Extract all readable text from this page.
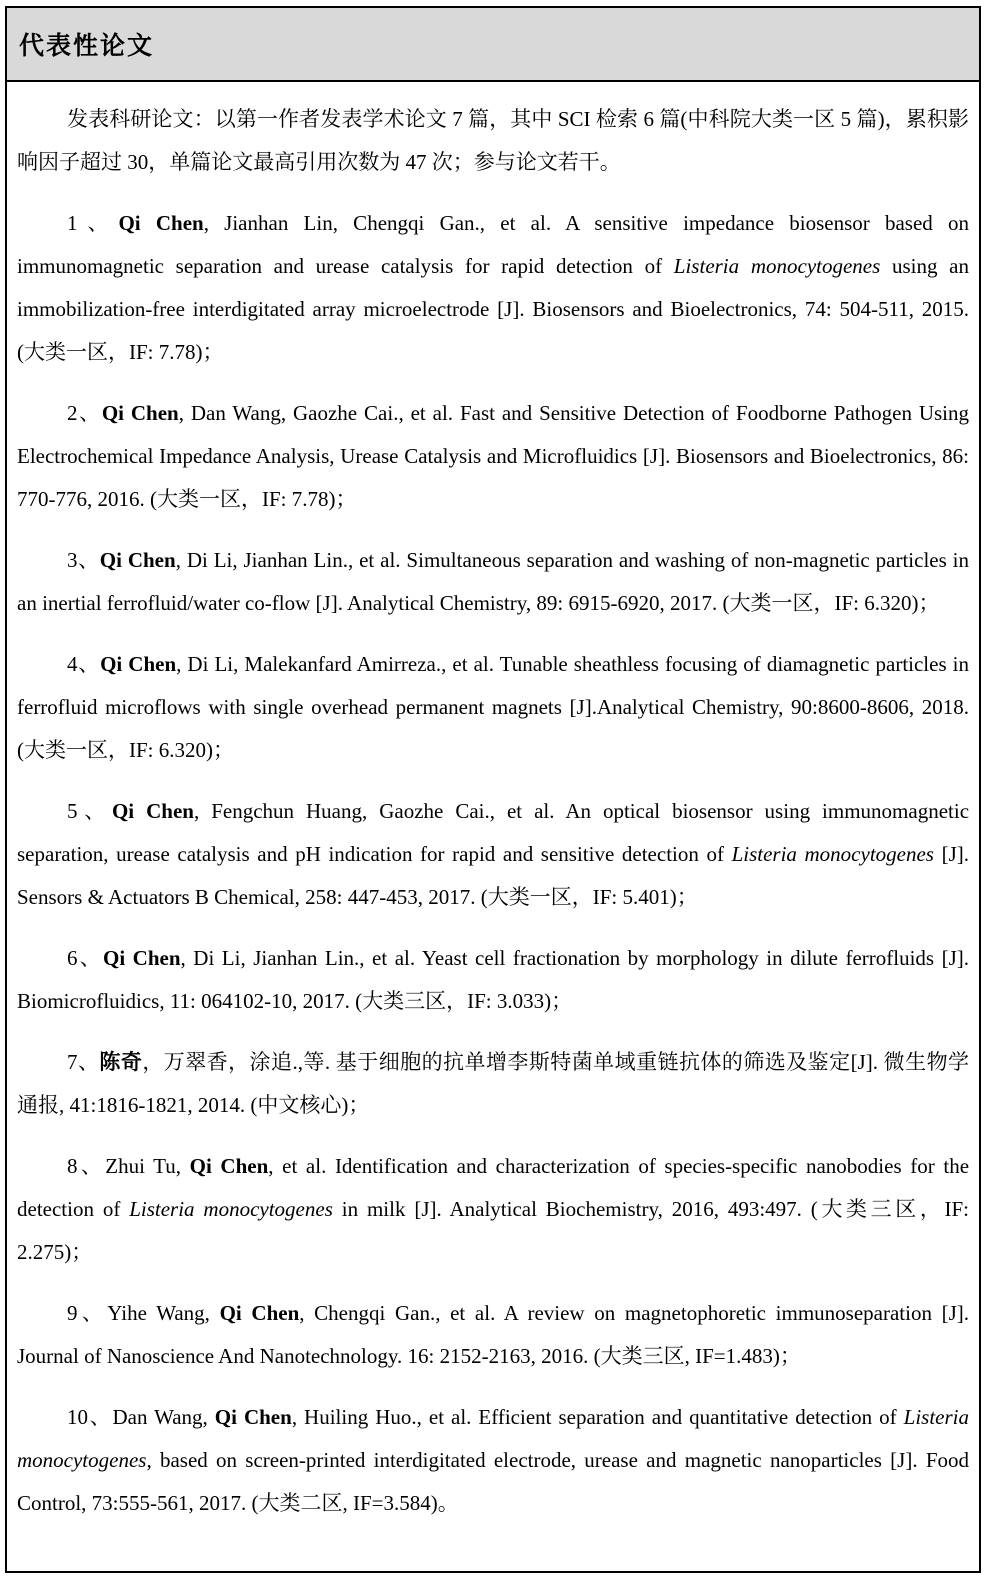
代表性论文

发表科研论文：以第一作者发表学术论文 7 篇，其中 SCI 检索 6 篇(中科院大类一区 5 篇)，累积影响因子超过 30，单篇论文最高引用次数为 47 次；参与论文若干。

1、Qi Chen, Jianhan Lin, Chengqi Gan., et al. A sensitive impedance biosensor based on immunomagnetic separation and urease catalysis for rapid detection of Listeria monocytogenes using an immobilization-free interdigitated array microelectrode [J]. Biosensors and Bioelectronics, 74: 504-511, 2015. (大类一区，IF: 7.78)；

2、Qi Chen, Dan Wang, Gaozhe Cai., et al. Fast and Sensitive Detection of Foodborne Pathogen Using Electrochemical Impedance Analysis, Urease Catalysis and Microfluidics [J]. Biosensors and Bioelectronics, 86: 770-776, 2016. (大类一区，IF: 7.78)；

3、Qi Chen, Di Li, Jianhan Lin., et al. Simultaneous separation and washing of non-magnetic particles in an inertial ferrofluid/water co-flow [J]. Analytical Chemistry, 89: 6915-6920, 2017. (大类一区，IF: 6.320)；

4、Qi Chen, Di Li, Malekanfard Amirreza., et al. Tunable sheathless focusing of diamagnetic particles in ferrofluid microflows with single overhead permanent magnets [J].Analytical Chemistry, 90:8600-8606, 2018. (大类一区，IF: 6.320)；

5、Qi Chen, Fengchun Huang, Gaozhe Cai., et al. An optical biosensor using immunomagnetic separation, urease catalysis and pH indication for rapid and sensitive detection of Listeria monocytogenes [J]. Sensors & Actuators B Chemical, 258: 447-453, 2017. (大类一区，IF: 5.401)；

6、Qi Chen, Di Li, Jianhan Lin., et al. Yeast cell fractionation by morphology in dilute ferrofluids [J]. Biomicrofluidics, 11: 064102-10, 2017. (大类三区，IF: 3.033)；

7、陈奇，万翠香，涂追.,等. 基于细胞的抗单增李斯特菌单域重链抗体的筛选及鉴定[J]. 微生物学通报, 41:1816-1821, 2014. (中文核心)；

8、Zhui Tu, Qi Chen, et al. Identification and characterization of species-specific nanobodies for the detection of Listeria monocytogenes in milk [J]. Analytical Biochemistry, 2016, 493:497. (大类三区，IF: 2.275)；

9、Yihe Wang, Qi Chen, Chengqi Gan., et al. A review on magnetophoretic immunoseparation [J]. Journal of Nanoscience And Nanotechnology. 16: 2152-2163, 2016. (大类三区, IF=1.483)；

10、Dan Wang, Qi Chen, Huiling Huo., et al. Efficient separation and quantitative detection of Listeria monocytogenes, based on screen-printed interdigitated electrode, urease and magnetic nanoparticles [J]. Food Control, 73:555-561, 2017. (大类二区, IF=3.584)。
